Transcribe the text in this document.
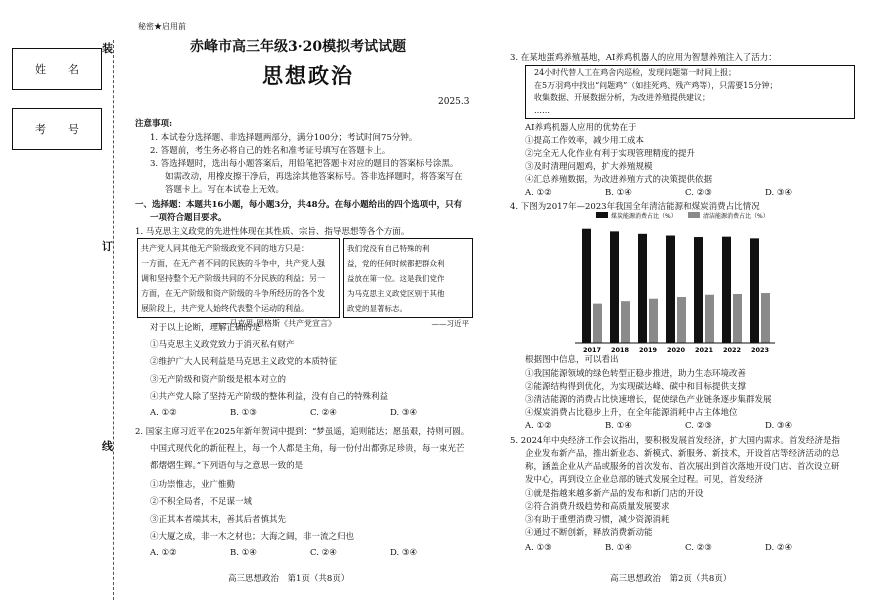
姓　　名
考　　号
装
订
线
秘密★启用前
赤峰市高三年级3·20模拟考试试题
思想政治
2025.3
注意事项:
1. 本试卷分选择题、非选择题两部分，满分100分；考试时间75分钟。
2. 答题前，考生务必将自己的姓名和准考证号填写在答题卡上。
3. 答选择题时，选出每小题答案后，用铅笔把答题卡对应的题目的答案标号涂黑。
如需改动，用橡皮擦干净后，再选涂其他答案标号。答非选择题时，将答案写在
答题卡上。写在本试卷上无效。
一、选择题：本题共16小题，每小题3分，共48分。在每小题给出的四个选项中，只有
一项符合题目要求。
1. 马克思主义政党的先进性体现在其性质、宗旨、指导思想等各个方面。
共产党人同其他无产阶级政党不同的地方只是：
一方面，在无产者不同的民族的斗争中，共产党人强
调和坚持整个无产阶级共同的不分民族的利益；另一
方面，在无产阶级和资产阶级的斗争所经历的各个发
展阶段上，共产党人始终代表整个运动的利益。
——马克思 恩格斯《共产党宣言》
我们党没有自己特殊的利
益，党的任何时候都把群众利
益放在第一位。这是我们党作
为马克思主义政党区别于其他
政党的显著标志。
——习近平
对于以上论断，理解正确的是
①马克思主义政党致力于消灭私有财产
②维护广大人民利益是马克思主义政党的本质特征
③无产阶级和资产阶级是根本对立的
④共产党人除了坚持无产阶级的整体利益，没有自己的特殊利益
A. ①②	B. ①③	C. ②④	D. ③④
2. 国家主席习近平在2025年新年贺词中提到：“梦虽遥，追则能达；愿虽艰，持则可圆。
中国式现代化的新征程上，每一个人都是主角，每一份付出都弥足珍贵，每一束光芒
都熠熠生辉。”下列语句与之意思一致的是
①功崇惟志，业广惟勤
②不积全局者，不足谋一域
③正其本者端其末，善其后者慎其先
④大厦之成，非一木之材也；大海之阔，非一流之归也
A. ①②	B. ①④	C. ②④	D. ③④
高三思想政治　第1页（共8页）
3. 在某地蛋鸡养殖基地，AI养鸡机器人的应用为智慧养殖注入了活力：
24小时代替人工在鸡舍内巡检，发现问题第一时间上报；
在5万羽鸡中找出“问题鸡”（如挂死鸡、残产鸡等），只需要15分钟；
收集数据、开展数据分析，为改进养殖提供建议；
……
AI养鸡机器人应用的优势在于
①提高工作效率，减少用工成本
②完全无人化作业有利于实现管理精度的提升
③及时清理问题鸡，扩大养殖规模
④汇总养殖数据，为改进养殖方式的决策提供依据
A. ①②	B. ①④	C. ②③	D. ③④
4. 下图为2017年—2023年我国全年清洁能源和煤炭消费占比情况
2017 2018 2019 2020 2021 2022 2023
煤炭能源消费占比（%）	清洁能源消费占比（%）
根据图中信息，可以看出
①我国能源领域的绿色转型正稳步推进，助力生态环境改善
②能源结构得到优化，为实现碳达峰、碳中和目标提供支撑
③清洁能源的消费占比快速增长，促使绿色产业链条逐步集群发展
④煤炭消费占比稳步上升，在全年能源消耗中占主体地位
A. ①②	B. ①④	C. ②③	D. ③④
5. 2024年中央经济工作会议指出，要积极发展首发经济，扩大国内需求。首发经济是指
企业发布新产品，推出新业态、新模式、新服务、新技术，开设首店等经济活动的总
称，涵盖企业从产品或服务的首次发布、首次展出到首次落地开设门店、首次设立研
发中心，再到设立企业总部的链式发展全过程。可见，首发经济
①就是指越来越多新产品的发布和新门店的开设
②符合消费升级趋势和高质量发展要求
③有助于重塑消费习惯，减少资源消耗
④通过不断创新，释放消费新动能
A. ①③	B. ①④	C. ②③	D. ②④
高三思想政治　第2页（共8页）
